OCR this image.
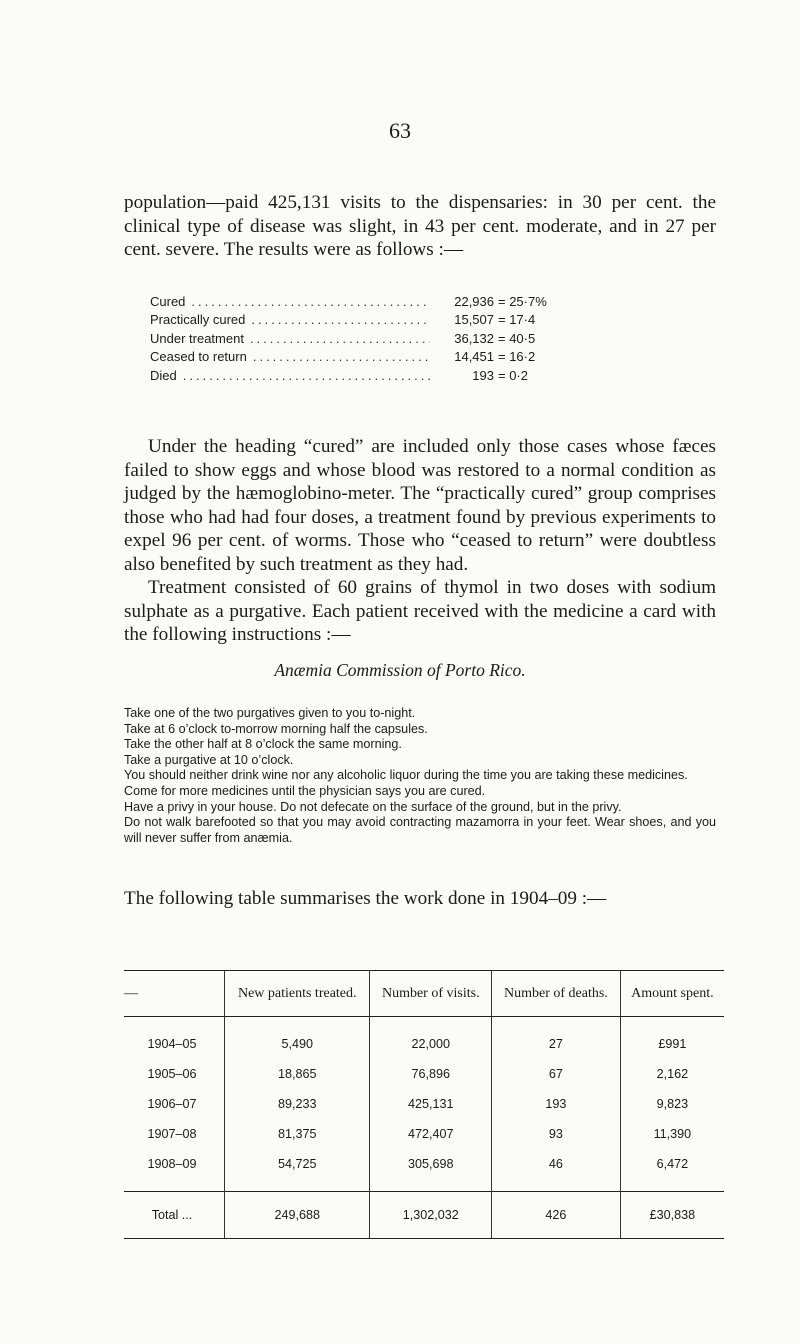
63

population—paid 425,131 visits to the dispensaries: in 30 per cent. the clinical type of disease was slight, in 43 per cent. moderate, and in 27 per cent. severe. The results were as follows :—

Cured .....	22,936 = 25·7%
Practically cured .....	15,507 = 17·4
Under treatment .....	36,132 = 40·5
Ceased to return .....	14,451 = 16·2
Died .....	193 = 0·2

Under the heading “cured” are included only those cases whose fæces failed to show eggs and whose blood was restored to a normal condition as judged by the hæmoglobino-meter. The “practically cured” group comprises those who had had four doses, a treatment found by previous experiments to expel 96 per cent. of worms. Those who “ceased to return” were doubtless also benefited by such treatment as they had.

Treatment consisted of 60 grains of thymol in two doses with sodium sulphate as a purgative. Each patient received with the medicine a card with the following instructions :—

Anæmia Commission of Porto Rico.

Take one of the two purgatives given to you to-night.

Take at 6 o’clock to-morrow morning half the capsules.

Take the other half at 8 o’clock the same morning.

Take a purgative at 10 o’clock.

You should neither drink wine nor any alcoholic liquor during the time you are taking these medicines.

Come for more medicines until the physician says you are cured.

Have a privy in your house. Do not defecate on the surface of the ground, but in the privy.

Do not walk barefooted so that you may avoid contracting mazamorra in your feet. Wear shoes, and you will never suffer from anæmia.

The following table summarises the work done in 1904–09 :—

—	New patients treated.	Number of visits.	Number of deaths.	Amount spent.
1904–05	5,490	22,000	27	£991
1905–06	18,865	76,896	67	2,162
1906–07	89,233	425,131	193	9,823
1907–08	81,375	472,407	93	11,390
1908–09	54,725	305,698	46	6,472
Total ...	249,688	1,302,032	426	£30,838
